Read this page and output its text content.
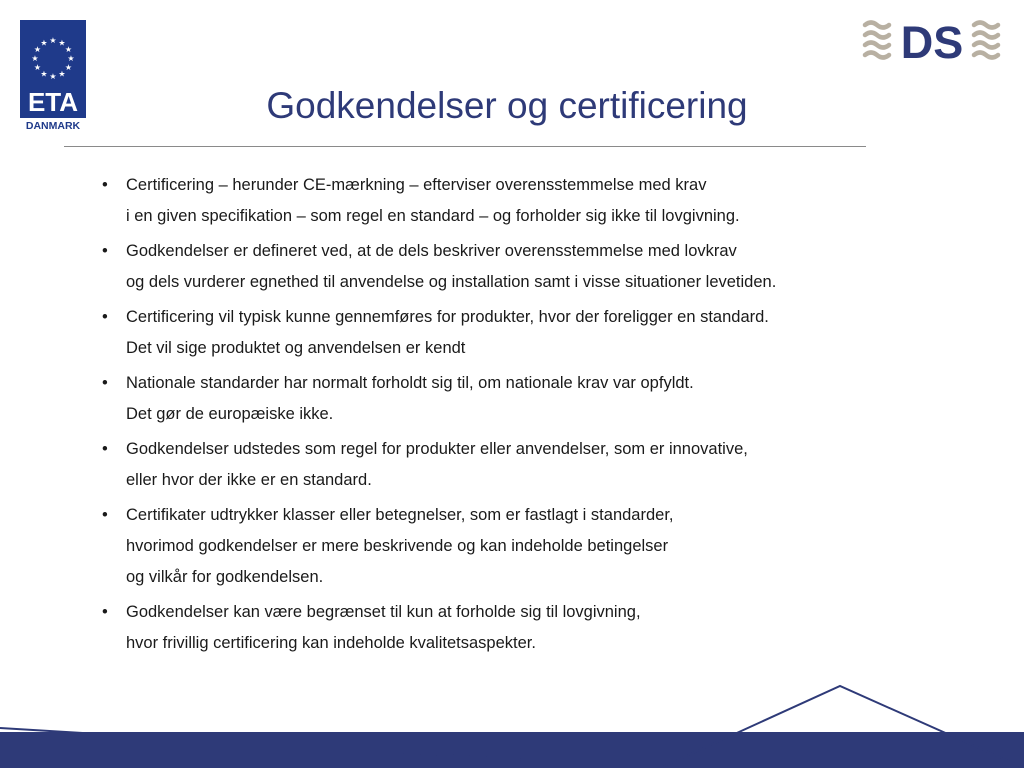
★ ★
★
★
★
★
★
★
★
★
★
★
ETA
DANMARK
DS
Godkendelser og certificering
• Certificering – herunder CE-mærkning – efterviser overensstemmelse med krav
i en given specifikation – som regel en standard – og forholder sig ikke til lovgivning.
• Godkendelser er defineret ved, at de dels beskriver overensstemmelse med lovkrav
og dels vurderer egnethed til anvendelse og installation samt i visse situationer levetiden.
• Certificering vil typisk kunne gennemføres for produkter, hvor der foreligger en standard.
Det vil sige produktet og anvendelsen er kendt
• Nationale standarder har normalt forholdt sig til, om nationale krav var opfyldt.
Det gør de europæiske ikke.
• Godkendelser udstedes som regel for produkter eller anvendelser, som er innovative,
eller hvor der ikke er en standard.
• Certifikater udtrykker klasser eller betegnelser, som er fastlagt i standarder,
hvorimod godkendelser er mere beskrivende og kan indeholde betingelser
og vilkår for godkendelsen.
• Godkendelser kan være begrænset til kun at forholde sig til lovgivning,
hvor frivillig certificering kan indeholde kvalitetsaspekter.
